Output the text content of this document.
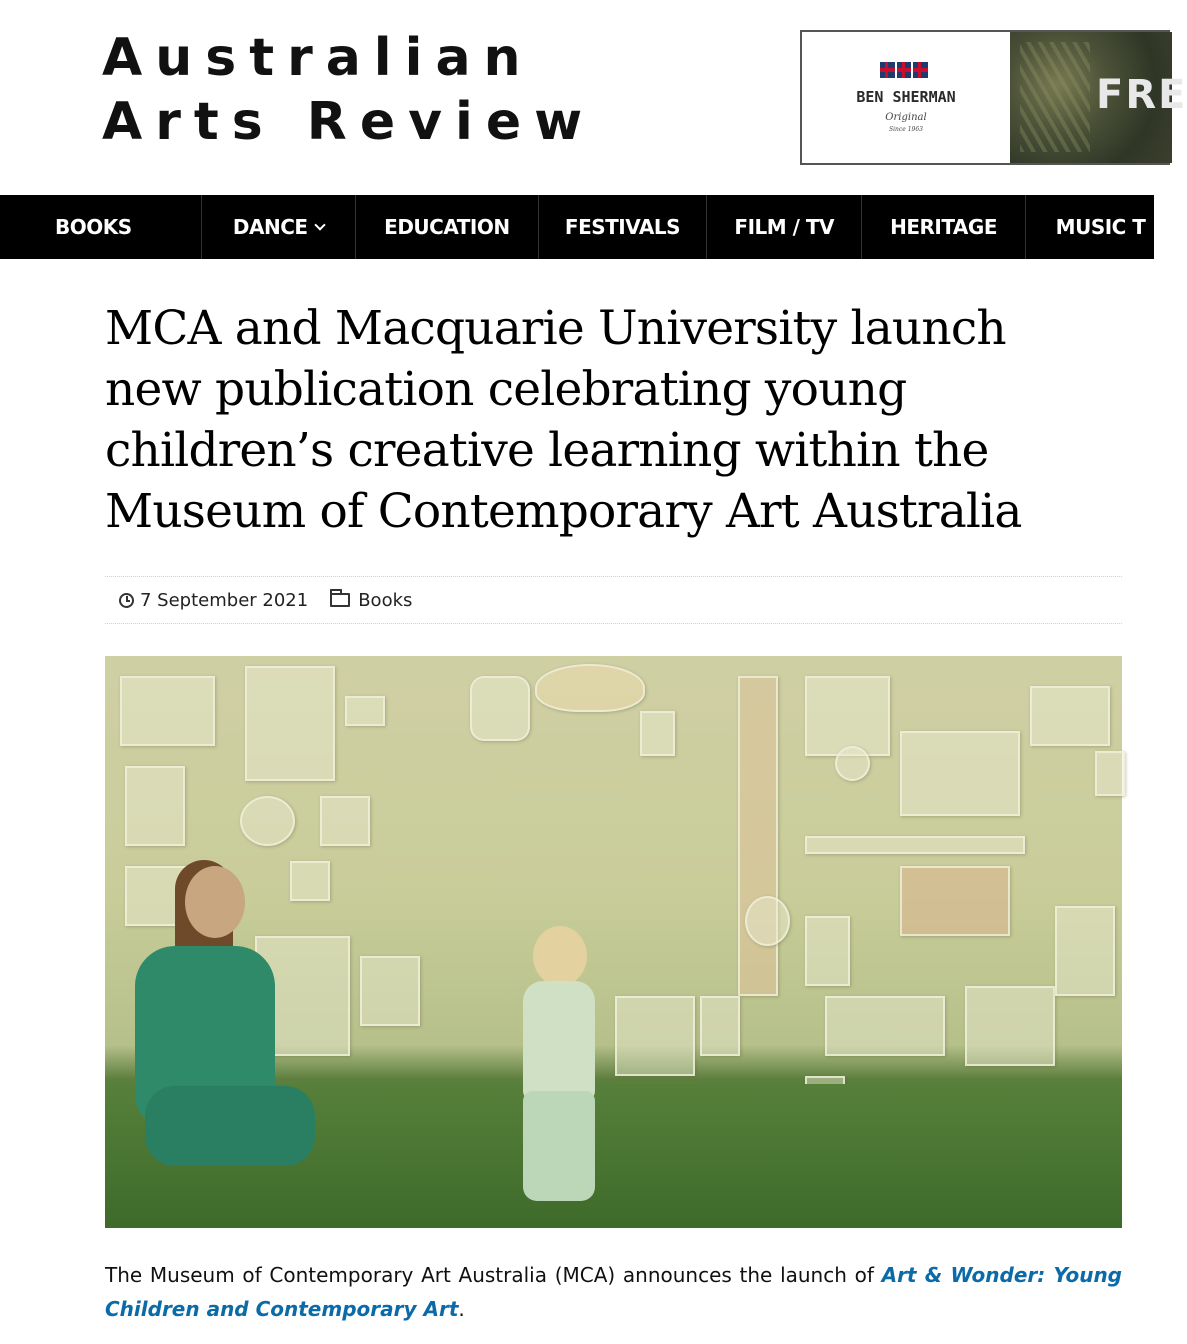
Australian
Arts Review	BEN SHERMAN
Original
Since 1963
FRE
BOOKS	DANCE	EDUCATION	FESTIVALS	FILM / TV	HERITAGE	MUSIC T
MCA and Macquarie University launch new publication celebrating young children’s creative learning within the Museum of Contemporary Art Australia
7 September 2021	Books

The Museum of Contemporary Art Australia (MCA) announces the launch of Art & Wonder: Young Children and Contemporary Art.
